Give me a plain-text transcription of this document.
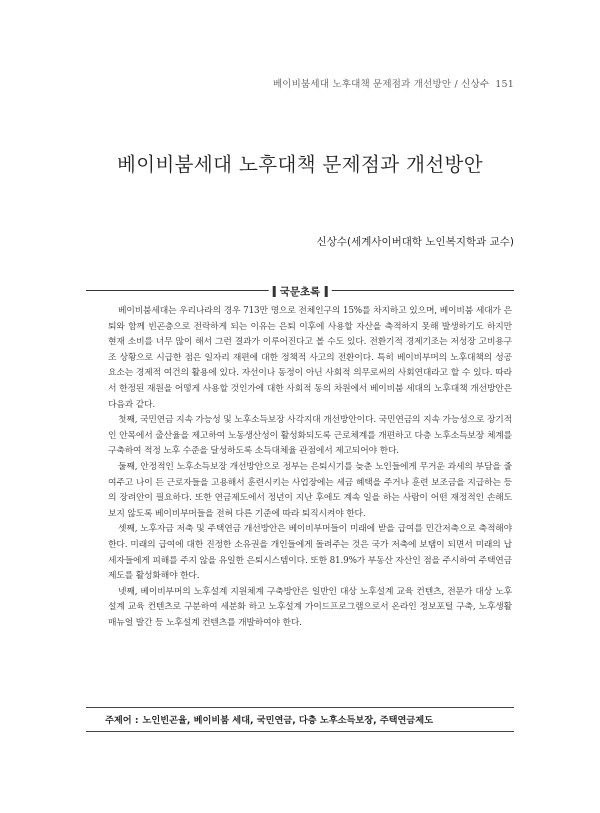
베이비붐세대 노후대책 문제점과 개선방안 / 신상수 151
베이비붐세대 노후대책 문제점과 개선방안
신상수(세계사이버대학 노인복지학과 교수)
국문초록

베이비붐세대는 우리나라의 경우 713만 명으로 전체인구의 15%를 차지하고 있으며, 베이비붐 세대가 은퇴와 함께 빈곤층으로 전락하게 되는 이유는 은퇴 이후에 사용할 자산을 축적하지 못해 발생하기도 하지만 현재 소비를 너무 많이 해서 그런 결과가 이루어진다고 볼 수도 있다. 전환기적 경제기조는 저성장 고비용구조 상황으로 시급한 점은 일자리 재편에 대한 정책적 사고의 전환이다. 특히 베이비부머의 노후대책의 성공 요소는 경제적 여건의 활용에 있다. 자선이나 동정이 아닌 사회적 의무로써의 사회연대라고 할 수 있다. 따라서 한정된 재원을 어떻게 사용할 것인가에 대한 사회적 동의 차원에서 베이비붐 세대의 노후대책 개선방안은 다음과 같다.

첫째, 국민연금 지속 가능성 및 노후소득보장 사각지대 개선방안이다. 국민연금의 지속 가능성으로 장기적인 안목에서 출산율을 제고하여 노동생산성이 활성화되도록 근로체계를 개편하고 다층 노후소득보장 체계를 구축하여 적정 노후 수준을 달성하도록 소득대체율 관점에서 제고되어야 한다.

둘째, 안정적인 노후소득보장 개선방안으로 정부는 은퇴시기를 늦춘 노인들에게 무거운 과세의 부담을 줄여주고 나이 든 근로자들을 고용해서 훈련시키는 사업장에는 세금 혜택을 주거나 훈련 보조금을 지급하는 등의 장려안이 필요하다. 또한 연금제도에서 정년이 지난 후에도 계속 일을 하는 사람이 어떤 재정적인 손해도 보지 않도록 베이비부머들을 전혀 다른 기준에 따라 퇴직시켜야 한다.

셋째, 노후자금 저축 및 주택연금 개선방안은 베이비부머들이 미래에 받을 급여를 민간저축으로 축적해야 한다. 미래의 급여에 대한 진정한 소유권을 개인들에게 돌려주는 것은 국가 저축에 보탬이 되면서 미래의 납세자들에게 피해를 주지 않을 유일한 은퇴시스템이다. 또한 81.9%가 부동산 자산인 점을 주시하여 주택연금제도를 활성화해야 한다.

넷째, 베이비부머의 노후설계 지원체계 구축방안은 일반인 대상 노후설계 교육 컨텐츠, 전문가 대상 노후설계 교육 컨텐츠로 구분하여 세분화 하고 노후설계 가이드프로그램으로서 온라인 정보포털 구축, 노후생활 매뉴얼 발간 등 노후설계 컨텐츠를 개발하여야 한다.

주제어 : 노인빈곤율, 베이비붐 세대, 국민연금, 다층 노후소득보장, 주택연금제도
